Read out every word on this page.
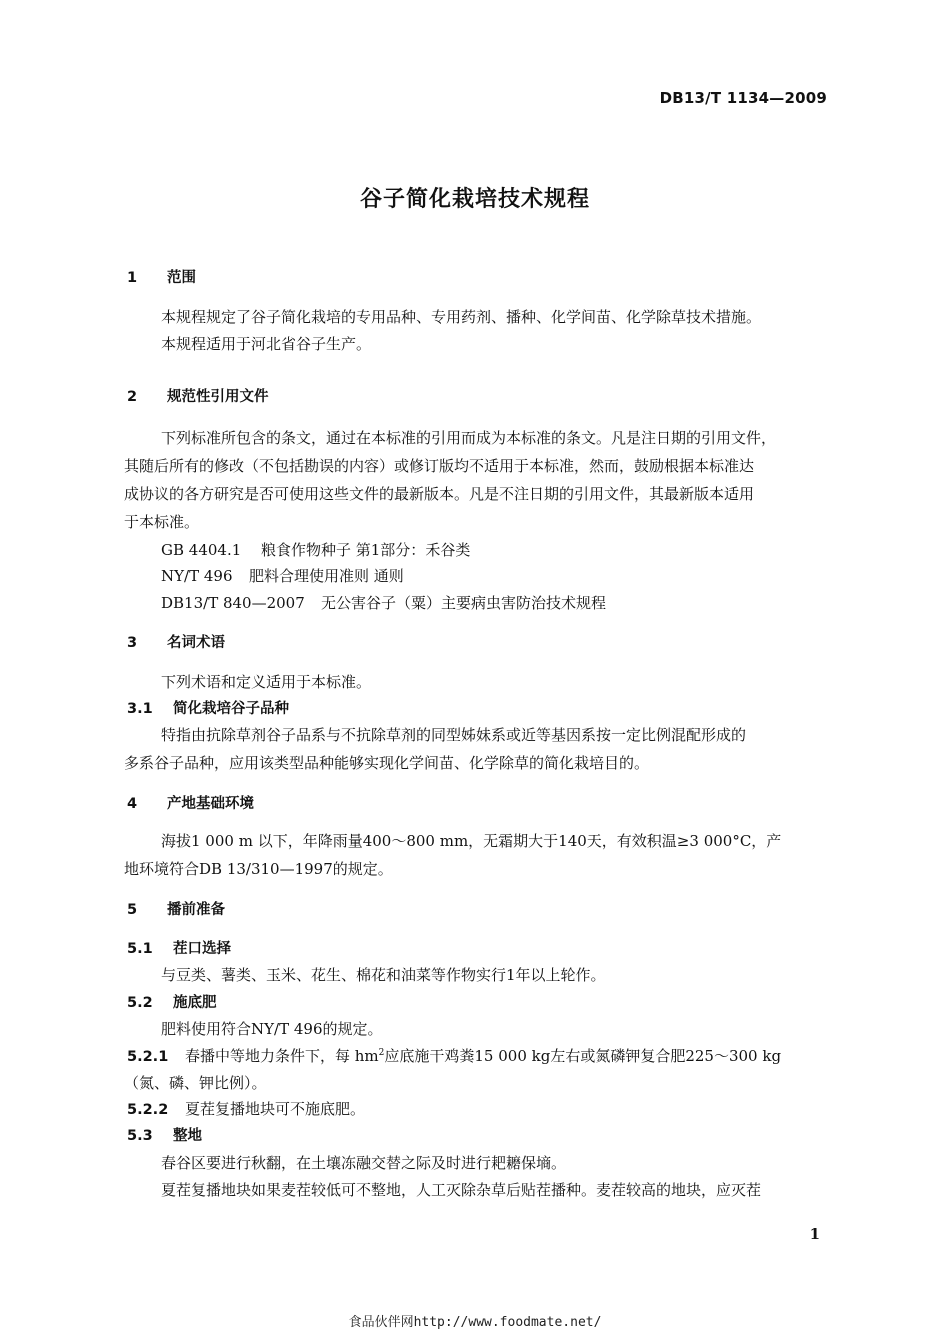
DB13/T 1134—2009
谷子简化栽培技术规程
1 范围
本规程规定了谷子简化栽培的专用品种、专用药剂、播种、化学间苗、化学除草技术措施。
本规程适用于河北省谷子生产。
2 规范性引用文件
下列标准所包含的条文，通过在本标准的引用而成为本标准的条文。凡是注日期的引用文件，
其随后所有的修改（不包括勘误的内容）或修订版均不适用于本标准，然而，鼓励根据本标准达
成协议的各方研究是否可使用这些文件的最新版本。凡是不注日期的引用文件，其最新版本适用
于本标准。
GB 4404.1 粮食作物种子 第1部分：禾谷类
NY/T 496 肥料合理使用准则 通则
DB13/T 840—2007 无公害谷子（粟）主要病虫害防治技术规程
3 名词术语
下列术语和定义适用于本标准。
3.1 简化栽培谷子品种
特指由抗除草剂谷子品系与不抗除草剂的同型姊妹系或近等基因系按一定比例混配形成的
多系谷子品种，应用该类型品种能够实现化学间苗、化学除草的简化栽培目的。
4 产地基础环境
海拔1 000 m 以下，年降雨量400～800 mm，无霜期大于140天，有效积温≥3 000°C，产
地环境符合DB 13/310—1997的规定。
5 播前准备
5.1 茬口选择
与豆类、薯类、玉米、花生、棉花和油菜等作物实行1年以上轮作。
5.2 施底肥
肥料使用符合NY/T 496的规定。
5.2.1 春播中等地力条件下，每 $hm^2$应底施干鸡粪15 000 kg左右或氮磷钾复合肥225～300 kg
（氮、磷、钾比例）。
5.2.2 夏茬复播地块可不施底肥。
5.3 整地
春谷区要进行秋翻，在土壤冻融交替之际及时进行耙耱保墒。
夏茬复播地块如果麦茬较低可不整地，人工灭除杂草后贴茬播种。麦茬较高的地块，应灭茬
1
食品伙伴网http://www.foodmate.net/
